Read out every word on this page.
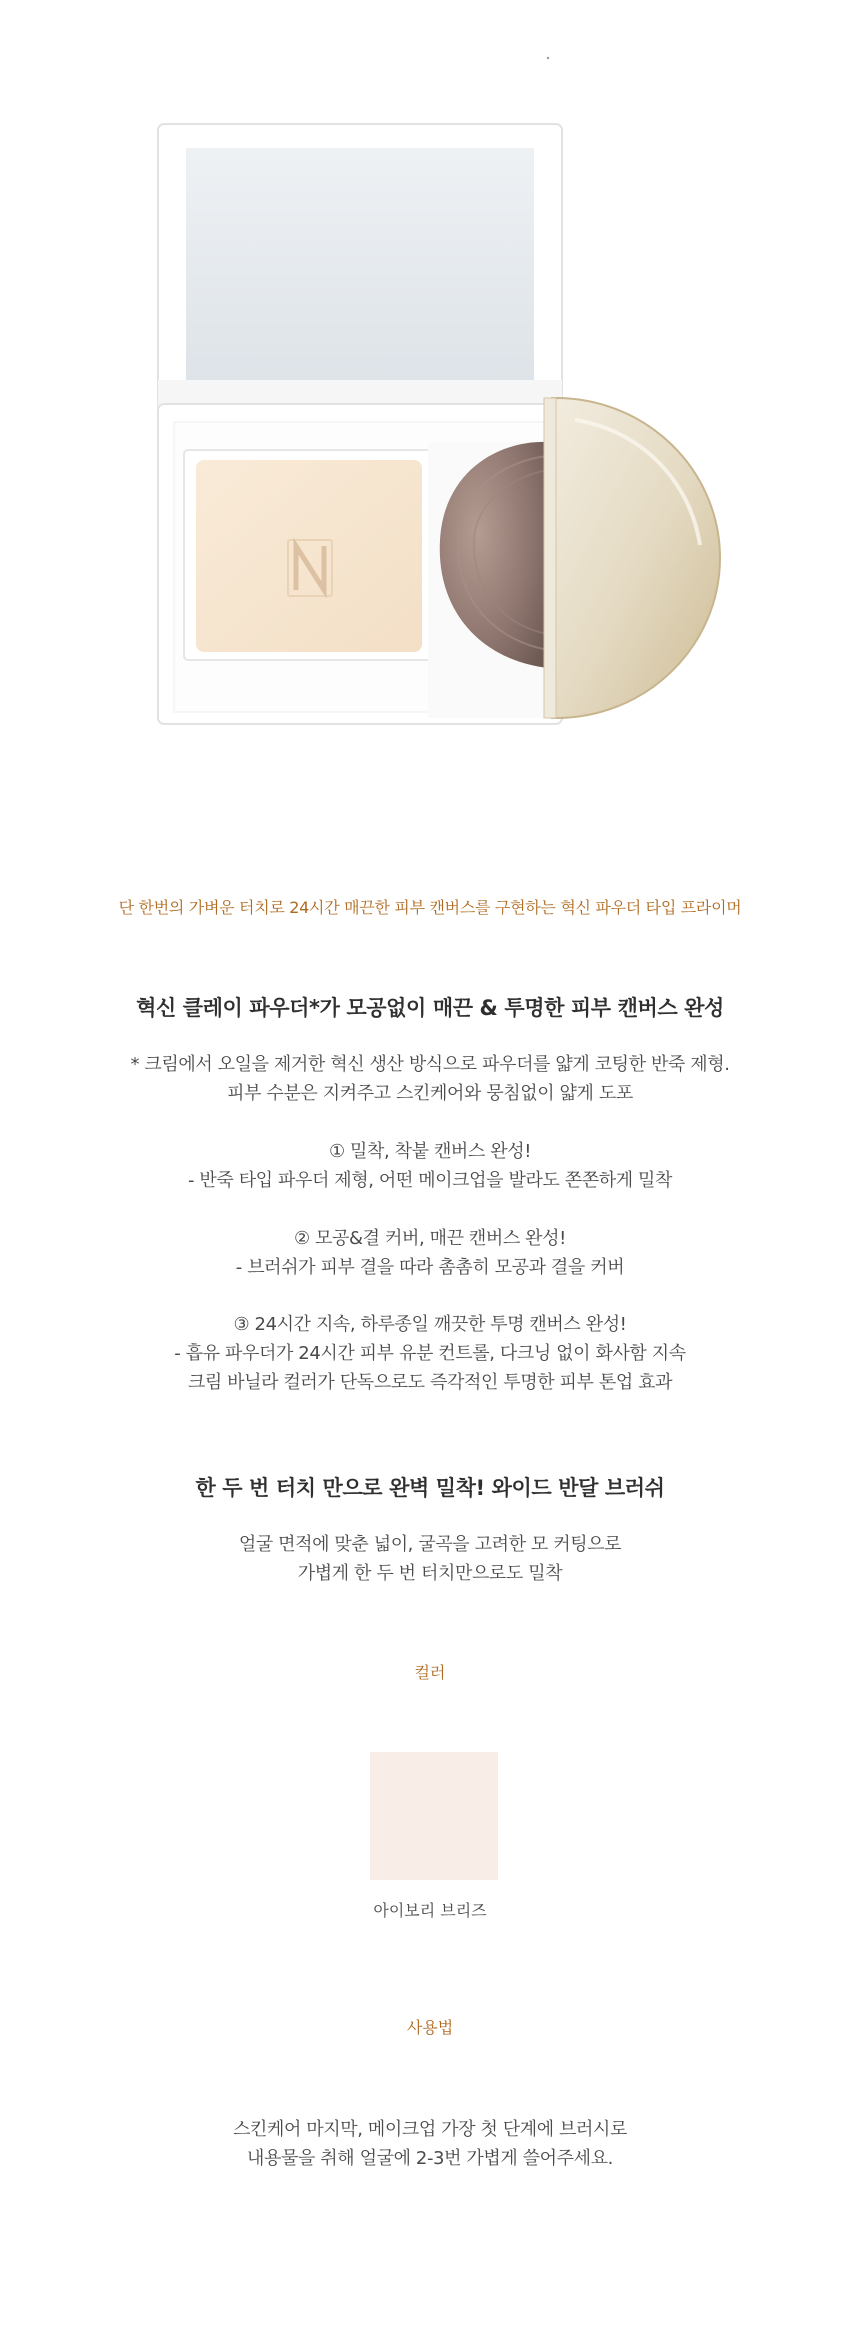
단 한번의 가벼운 터치로 24시간 매끈한 피부 캔버스를 구현하는 혁신 파우더 타입 프라이머
혁신 클레이 파우더*가 모공없이 매끈 & 투명한 피부 캔버스 완성

* 크림에서 오일을 제거한 혁신 생산 방식으로 파우더를 얇게 코팅한 반죽 제형.

피부 수분은 지켜주고 스킨케어와 뭉침없이 얇게 도포

① 밀착, 착붙 캔버스 완성!

- 반죽 타입 파우더 제형, 어떤 메이크업을 발라도 쫀쫀하게 밀착

② 모공&결 커버, 매끈 캔버스 완성!

- 브러쉬가 피부 결을 따라 촘촘히 모공과 결을 커버

③ 24시간 지속, 하루종일 깨끗한 투명 캔버스 완성!

- 흡유 파우더가 24시간 피부 유분 컨트롤, 다크닝 없이 화사함 지속

크림 바닐라 컬러가 단독으로도 즉각적인 투명한 피부 톤업 효과

한 두 번 터치 만으로 완벽 밀착! 와이드 반달 브러쉬

얼굴 면적에 맞춘 넓이, 굴곡을 고려한 모 커팅으로

가볍게 한 두 번 터치만으로도 밀착

컬러
아이보리 브리즈
사용법

스킨케어 마지막, 메이크업 가장 첫 단계에 브러시로

내용물을 취해 얼굴에 2-3번 가볍게 쓸어주세요.
